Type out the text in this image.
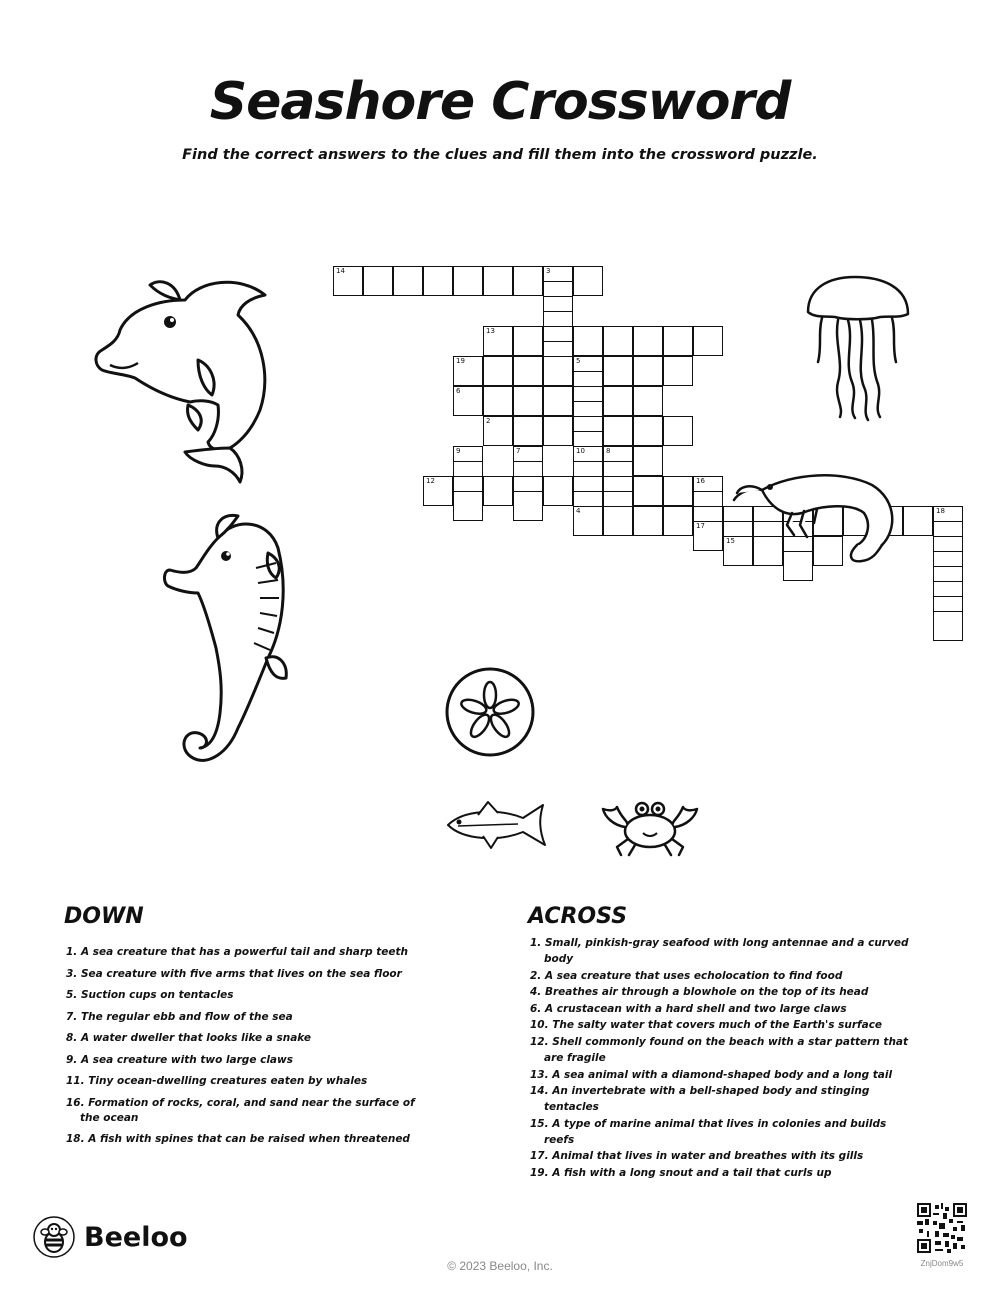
Seashore Crossword

Find the correct answers to the clues and fill them into the crossword puzzle.

14	3
13
19	5
10
4
6
2
9	7	8
12	16
18
17
15
DOWN	ACROSS
1. A sea creature that has a powerful tail and sharp teeth
3. Sea creature with five arms that lives on the sea floor
5. Suction cups on tentacles
7. The regular ebb and flow of the sea
8. A water dweller that looks like a snake
9. A sea creature with two large claws
11. Tiny ocean-dwelling creatures eaten by whales
16. Formation of rocks, coral, and sand near the surface of the ocean
18. A fish with spines that can be raised when threatened
1. Small, pinkish-gray seafood with long antennae and a curved body
2. A sea creature that uses echolocation to find food
4. Breathes air through a blowhole on the top of its head
6. A crustacean with a hard shell and two large claws
10. The salty water that covers much of the Earth's surface
12. Shell commonly found on the beach with a star pattern that are fragile
13. A sea animal with a diamond-shaped body and a long tail
14. An invertebrate with a bell-shaped body and stinging tentacles
15. A type of marine animal that lives in colonies and builds reefs
17. Animal that lives in water and breathes with its gills
19. A fish with a long snout and a tail that curls up
Beeloo
© 2023 Beeloo, Inc.	ZnjDom9w5
